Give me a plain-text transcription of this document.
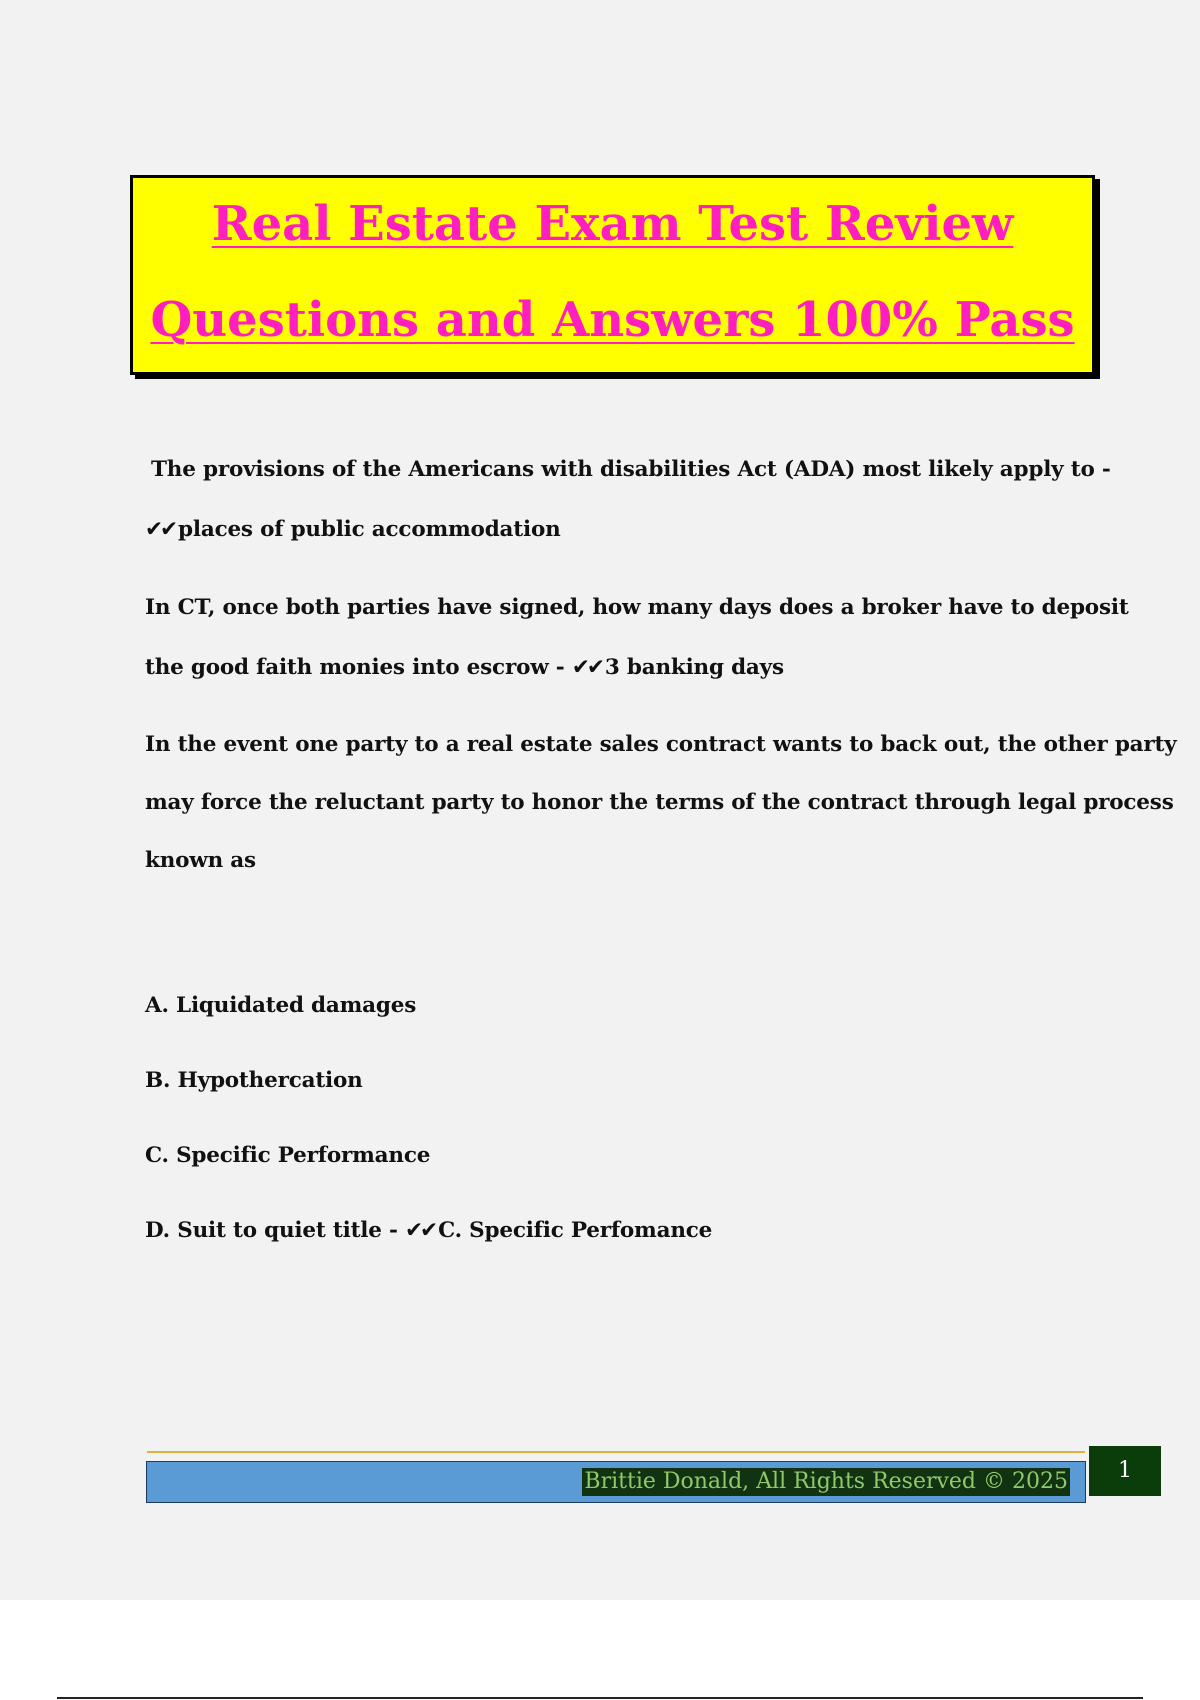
Real Estate Exam Test Review
Questions and Answers 100% Pass
The provisions of the Americans with disabilities Act (ADA) most likely apply to -
✔✔ places of public accommodation
In CT, once both parties have signed, how many days does a broker have to deposit
the good faith monies into escrow - ✔✔ 3 banking days
In the event one party to a real estate sales contract wants to back out, the other party
may force the reluctant party to honor the terms of the contract through legal process
known as
A. Liquidated damages
B. Hypothercation
C. Specific Performance
D. Suit to quiet title - ✔✔ C. Specific Perfomance
Brittie Donald, All Rights Reserved © 2025	1
